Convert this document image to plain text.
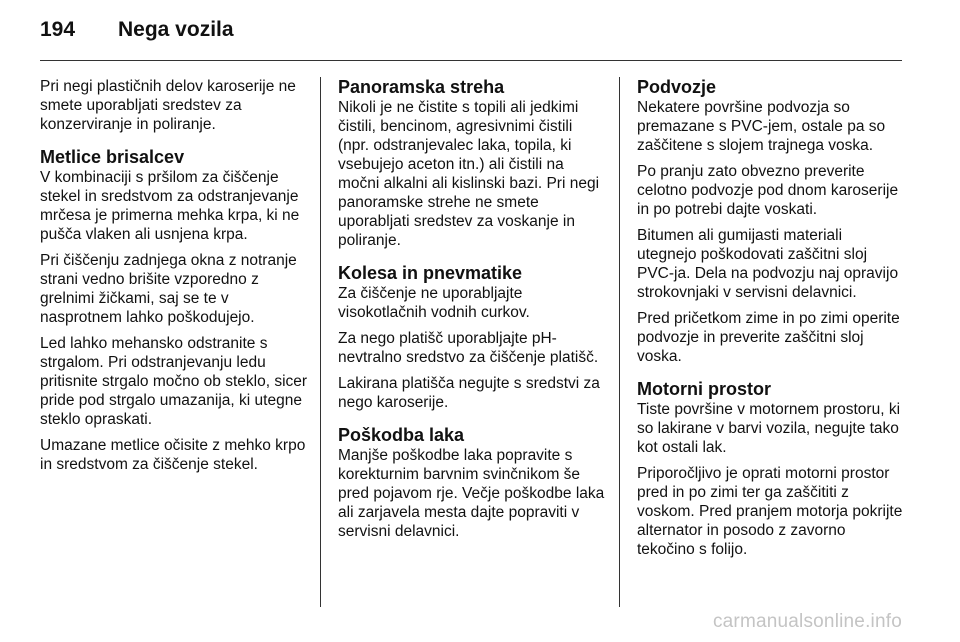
194	Nega vozila

Pri negi plastičnih delov karoserije ne smete uporabljati sredstev za konzerviranje in poliranje.

Metlice brisalcev

V kombinaciji s pršilom za čiščenje stekel in sredstvom za odstranjevanje mrčesa je primerna mehka krpa, ki ne pušča vlaken ali usnjena krpa.

Pri čiščenju zadnjega okna z notranje strani vedno brišite vzporedno z grelnimi žičkami, saj se te v nasprotnem lahko poškodujejo.

Led lahko mehansko odstranite s strgalom. Pri odstranjevanju ledu pritisnite strgalo močno ob steklo, sicer pride pod strgalo umazanija, ki utegne steklo opraskati.

Umazane metlice očisite z mehko krpo in sredstvom za čiščenje stekel.

Panoramska streha

Nikoli je ne čistite s topili ali jedkimi čistili, bencinom, agresivnimi čistili (npr. odstranjevalec laka, topila, ki vsebujejo aceton itn.) ali čistili na močni alkalni ali kislinski bazi. Pri negi panoramske strehe ne smete uporabljati sredstev za voskanje in poliranje.

Kolesa in pnevmatike

Za čiščenje ne uporabljajte visokotlačnih vodnih curkov.

Za nego platišč uporabljajte pH-nevtralno sredstvo za čiščenje platišč.

Lakirana platišča negujte s sredstvi za nego karoserije.

Poškodba laka

Manjše poškodbe laka popravite s korekturnim barvnim svinčnikom še pred pojavom rje. Večje poškodbe laka ali zarjavela mesta dajte popraviti v servisni delavnici.

Podvozje

Nekatere površine podvozja so premazane s PVC-jem, ostale pa so zaščitene s slojem trajnega voska.

Po pranju zato obvezno preverite celotno podvozje pod dnom karoserije in po potrebi dajte voskati.

Bitumen ali gumijasti materiali utegnejo poškodovati zaščitni sloj PVC-ja. Dela na podvozju naj opravijo strokovnjaki v servisni delavnici.

Pred pričetkom zime in po zimi operite podvozje in preverite zaščitni sloj voska.

Motorni prostor

Tiste površine v motornem prostoru, ki so lakirane v barvi vozila, negujte tako kot ostali lak.

Priporočljivo je oprati motorni prostor pred in po zimi ter ga zaščititi z voskom. Pred pranjem motorja pokrijte alternator in posodo z zavorno tekočino s folijo.

carmanualsonline.info
